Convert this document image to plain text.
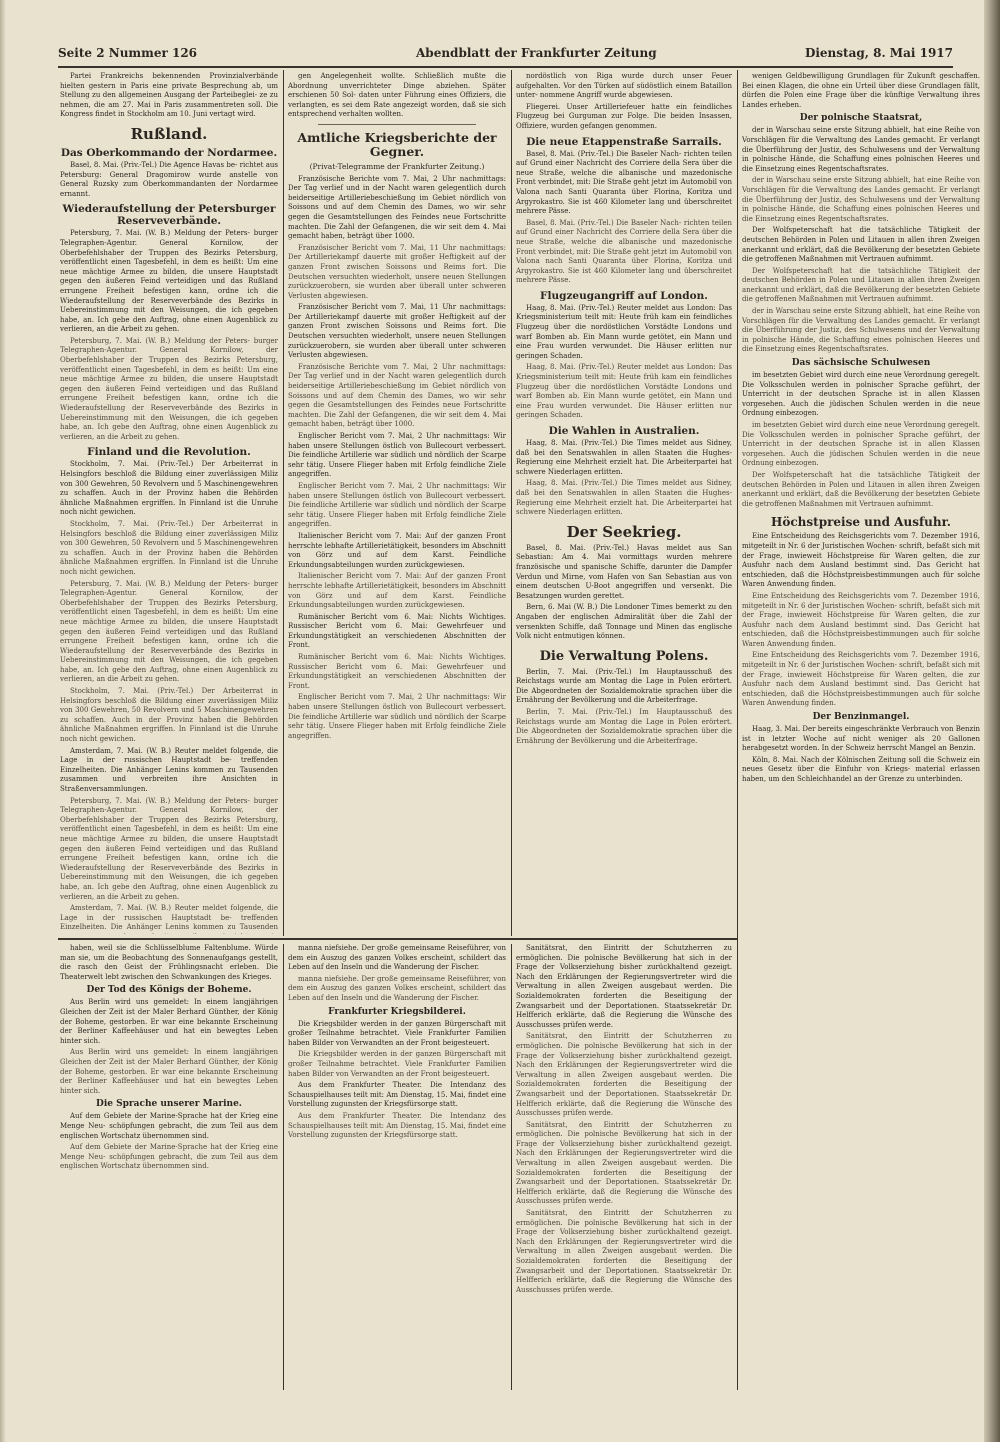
Seite 2 Nummer 126	Abendblatt der Frankfurter Zeitung	Dienstag, 8. Mai 1917

Partei Frankreichs bekennenden Provinzialverbände hielten gestern in Paris eine private Besprechung ab, um Stellung zu den allgemeinen Ausgang der Parteibeglei- ze zu nehmen, die am 27. Mai in Paris zusammentreten soll. Die Kongress findet in Stockholm am 10. Juni vertagt wird.

Rußland.
Das Oberkommando der Nordarmee.

Basel, 8. Mai. (Priv.-Tel.) Die Agence Havas be- richtet aus Petersburg: General Dragomirow wurde anstelle von General Ruzsky zum Oberkommandanten der Nordarmee ernannt.

Wiederaufstellung der Petersburger Reserveverbände.

Petersburg, 7. Mai. (W. B.) Meldung der Peters- burger Telegraphen-Agentur. General Kornilow, der Oberbefehlshaber der Truppen des Bezirks Petersburg, veröffentlicht einen Tagesbefehl, in dem es heißt: Um eine neue mächtige Armee zu bilden, die unsere Hauptstadt gegen den äußeren Feind verteidigen und das Rußland errungene Freiheit befestigen kann, ordne ich die Wiederaufstellung der Reserveverbände des Bezirks in Uebereinstimmung mit den Weisungen, die ich gegeben habe, an. Ich gebe den Auftrag, ohne einen Augenblick zu verlieren, an die Arbeit zu gehen.

Petersburg, 7. Mai. (W. B.) Meldung der Peters- burger Telegraphen-Agentur. General Kornilow, der Oberbefehlshaber der Truppen des Bezirks Petersburg, veröffentlicht einen Tagesbefehl, in dem es heißt: Um eine neue mächtige Armee zu bilden, die unsere Hauptstadt gegen den äußeren Feind verteidigen und das Rußland errungene Freiheit befestigen kann, ordne ich die Wiederaufstellung der Reserveverbände des Bezirks in Uebereinstimmung mit den Weisungen, die ich gegeben habe, an. Ich gebe den Auftrag, ohne einen Augenblick zu verlieren, an die Arbeit zu gehen.

Finland und die Revolution.

Stockholm, 7. Mai. (Priv.-Tel.) Der Arbeiterrat in Helsingfors beschloß die Bildung einer zuverlässigen Miliz von 300 Gewehren, 50 Revolvern und 5 Maschinengewehren zu schaffen. Auch in der Provinz haben die Behörden ähnliche Maßnahmen ergriffen. In Finnland ist die Unruhe noch nicht gewichen.

Stockholm, 7. Mai. (Priv.-Tel.) Der Arbeiterrat in Helsingfors beschloß die Bildung einer zuverlässigen Miliz von 300 Gewehren, 50 Revolvern und 5 Maschinengewehren zu schaffen. Auch in der Provinz haben die Behörden ähnliche Maßnahmen ergriffen. In Finnland ist die Unruhe noch nicht gewichen.

Petersburg, 7. Mai. (W. B.) Meldung der Peters- burger Telegraphen-Agentur. General Kornilow, der Oberbefehlshaber der Truppen des Bezirks Petersburg, veröffentlicht einen Tagesbefehl, in dem es heißt: Um eine neue mächtige Armee zu bilden, die unsere Hauptstadt gegen den äußeren Feind verteidigen und das Rußland errungene Freiheit befestigen kann, ordne ich die Wiederaufstellung der Reserveverbände des Bezirks in Uebereinstimmung mit den Weisungen, die ich gegeben habe, an. Ich gebe den Auftrag, ohne einen Augenblick zu verlieren, an die Arbeit zu gehen.

Stockholm, 7. Mai. (Priv.-Tel.) Der Arbeiterrat in Helsingfors beschloß die Bildung einer zuverlässigen Miliz von 300 Gewehren, 50 Revolvern und 5 Maschinengewehren zu schaffen. Auch in der Provinz haben die Behörden ähnliche Maßnahmen ergriffen. In Finnland ist die Unruhe noch nicht gewichen.

Amsterdam, 7. Mai. (W. B.) Reuter meldet folgende, die Lage in der russischen Hauptstadt be- treffenden Einzelheiten. Die Anhänger Lenins kommen zu Tausenden zusammen und verbreiten ihre Ansichten in Straßenversammlungen.

Petersburg, 7. Mai. (W. B.) Meldung der Peters- burger Telegraphen-Agentur. General Kornilow, der Oberbefehlshaber der Truppen des Bezirks Petersburg, veröffentlicht einen Tagesbefehl, in dem es heißt: Um eine neue mächtige Armee zu bilden, die unsere Hauptstadt gegen den äußeren Feind verteidigen und das Rußland errungene Freiheit befestigen kann, ordne ich die Wiederaufstellung der Reserveverbände des Bezirks in Uebereinstimmung mit den Weisungen, die ich gegeben habe, an. Ich gebe den Auftrag, ohne einen Augenblick zu verlieren, an die Arbeit zu gehen.

Amsterdam, 7. Mai. (W. B.) Reuter meldet folgende, die Lage in der russischen Hauptstadt be- treffenden Einzelheiten. Die Anhänger Lenins kommen zu Tausenden

gen Angelegenheit wollte. Schließlich mußte die Abordnung unverrichteter Dinge abziehen. Später erschienen 50 Sol- daten unter Führung eines Offiziers, die verlangten, es sei dem Rate angezeigt worden, daß sie sich entsprechend verhalten wollten.

Amtliche Kriegsberichte der Gegner.
(Privat-Telegramme der Frankfurter Zeitung.)

Französische Berichte vom 7. Mai, 2 Uhr nachmittags: Der Tag verlief und in der Nacht waren gelegentlich durch beiderseitige Artilleriebeschießung im Gebiet nördlich von Soissons und auf dem Chemin des Dames, wo wir sehr gegen die Gesamtstellungen des Feindes neue Fortschritte machten. Die Zahl der Gefangenen, die wir seit dem 4. Mai gemacht haben, beträgt über 1000.

Französischer Bericht vom 7. Mai, 11 Uhr nachmittags: Der Artilleriekampf dauerte mit großer Heftigkeit auf der ganzen Front zwischen Soissons und Reims fort. Die Deutschen versuchten wiederholt, unsere neuen Stellungen zurückzuerobern, sie wurden aber überall unter schweren Verlusten abgewiesen.

Französischer Bericht vom 7. Mai, 11 Uhr nachmittags: Der Artilleriekampf dauerte mit großer Heftigkeit auf der ganzen Front zwischen Soissons und Reims fort. Die Deutschen versuchten wiederholt, unsere neuen Stellungen zurückzuerobern, sie wurden aber überall unter schweren Verlusten abgewiesen.

Französische Berichte vom 7. Mai, 2 Uhr nachmittags: Der Tag verlief und in der Nacht waren gelegentlich durch beiderseitige Artilleriebeschießung im Gebiet nördlich von Soissons und auf dem Chemin des Dames, wo wir sehr gegen die Gesamtstellungen des Feindes neue Fortschritte machten. Die Zahl der Gefangenen, die wir seit dem 4. Mai gemacht haben, beträgt über 1000.

Englischer Bericht vom 7. Mai, 2 Uhr nachmittags: Wir haben unsere Stellungen östlich von Bullecourt verbessert. Die feindliche Artillerie war südlich und nördlich der Scarpe sehr tätig. Unsere Flieger haben mit Erfolg feindliche Ziele angegriffen.

Englischer Bericht vom 7. Mai, 2 Uhr nachmittags: Wir haben unsere Stellungen östlich von Bullecourt verbessert. Die feindliche Artillerie war südlich und nördlich der Scarpe sehr tätig. Unsere Flieger haben mit Erfolg feindliche Ziele angegriffen.

Italienischer Bericht vom 7. Mai: Auf der ganzen Front herrschte lebhafte Artillerietätigkeit, besonders im Abschnitt von Görz und auf dem Karst. Feindliche Erkundungsabteilungen wurden zurückgewiesen.

Italienischer Bericht vom 7. Mai: Auf der ganzen Front herrschte lebhafte Artillerietätigkeit, besonders im Abschnitt von Görz und auf dem Karst. Feindliche Erkundungsabteilungen wurden zurückgewiesen.

Rumänischer Bericht vom 6. Mai: Nichts Wichtiges. Russischer Bericht vom 6. Mai: Gewehrfeuer und Erkundungstätigkeit an verschiedenen Abschnitten der Front.

Rumänischer Bericht vom 6. Mai: Nichts Wichtiges. Russischer Bericht vom 6. Mai: Gewehrfeuer und Erkundungstätigkeit an verschiedenen Abschnitten der Front.

Englischer Bericht vom 7. Mai, 2 Uhr nachmittags: Wir haben unsere Stellungen östlich von Bullecourt verbessert. Die feindliche Artillerie war südlich und nördlich der Scarpe sehr tätig. Unsere Flieger haben mit Erfolg feindliche Ziele angegriffen.

nordöstlich von Riga wurde durch unser Feuer aufgehalten. Vor den Türken auf südöstlich einem Bataillon unter- nommene Angriff wurde abgewiesen.

Fliegerei. Unser Artilleriefeuer hatte ein feindliches Flugzeug bei Gurguman zur Folge. Die beiden Insassen, Offiziere, wurden gefangen genommen.

Die neue Etappenstraße Sarrails.

Basel, 8. Mai. (Priv.-Tel.) Die Baseler Nach- richten teilen auf Grund einer Nachricht des Corriere della Sera über die neue Straße, welche die albanische und mazedonische Front verbindet, mit: Die Straße geht jetzt im Automobil von Valona nach Santi Quaranta über Florina, Koritza und Argyrokastro. Sie ist 460 Kilometer lang und überschreitet mehrere Pässe.

Basel, 8. Mai. (Priv.-Tel.) Die Baseler Nach- richten teilen auf Grund einer Nachricht des Corriere della Sera über die neue Straße, welche die albanische und mazedonische Front verbindet, mit: Die Straße geht jetzt im Automobil von Valona nach Santi Quaranta über Florina, Koritza und Argyrokastro. Sie ist 460 Kilometer lang und überschreitet mehrere Pässe.

Flugzeugangriff auf London.

Haag, 8. Mai. (Priv.-Tel.) Reuter meldet aus London: Das Kriegsministerium teilt mit: Heute früh kam ein feindliches Flugzeug über die nordöstlichen Vorstädte Londons und warf Bomben ab. Ein Mann wurde getötet, ein Mann und eine Frau wurden verwundet. Die Häuser erlitten nur geringen Schaden.

Haag, 8. Mai. (Priv.-Tel.) Reuter meldet aus London: Das Kriegsministerium teilt mit: Heute früh kam ein feindliches Flugzeug über die nordöstlichen Vorstädte Londons und warf Bomben ab. Ein Mann wurde getötet, ein Mann und eine Frau wurden verwundet. Die Häuser erlitten nur geringen Schaden.

Die Wahlen in Australien.

Haag, 8. Mai. (Priv.-Tel.) Die Times meldet aus Sidney, daß bei den Senatswahlen in allen Staaten die Hughes-Regierung eine Mehrheit erzielt hat. Die Arbeiterpartei hat schwere Niederlagen erlitten.

Haag, 8. Mai. (Priv.-Tel.) Die Times meldet aus Sidney, daß bei den Senatswahlen in allen Staaten die Hughes-Regierung eine Mehrheit erzielt hat. Die Arbeiterpartei hat schwere Niederlagen erlitten.

Der Seekrieg.

Basel, 8. Mai. (Priv.-Tel.) Havas meldet aus San Sebastian: Am 4. Mai vormittags wurden mehrere französische und spanische Schiffe, darunter die Dampfer Verdun und Mirne, vom Hafen von San Sebastian aus von einem deutschen U-Boot angegriffen und versenkt. Die Besatzungen wurden gerettet.

Bern, 6. Mai (W. B.) Die Londoner Times bemerkt zu den Angaben der englischen Admiralität über die Zahl der versenkten Schiffe, daß Tonnage und Minen das englische Volk nicht entmutigen können.

Die Verwaltung Polens.

Berlin, 7. Mai. (Priv.-Tel.) Im Hauptausschuß des Reichstags wurde am Montag die Lage in Polen erörtert. Die Abgeordneten der Sozialdemokratie sprachen über die Ernährung der Bevölkerung und die Arbeiterfrage.

Berlin, 7. Mai. (Priv.-Tel.) Im Hauptausschuß des Reichstags wurde am Montag die Lage in Polen erörtert. Die Abgeordneten der Sozialdemokratie sprachen über die Ernährung der Bevölkerung und die Arbeiterfrage.

wenigen Geldbewilligung Grundlagen für Zukunft geschaffen. Bei einen Klagen, die ohne ein Urteil über diese Grundlagen fällt, dürfen die Polen eine Frage über die künftige Verwaltung ihres Landes erheben.

Der polnische Staatsrat,

der in Warschau seine erste Sitzung abhielt, hat eine Reihe von Vorschlägen für die Verwaltung des Landes gemacht. Er verlangt die Überführung der Justiz, des Schulwesens und der Verwaltung in polnische Hände, die Schaffung eines polnischen Heeres und die Einsetzung eines Regentschaftsrates.

der in Warschau seine erste Sitzung abhielt, hat eine Reihe von Vorschlägen für die Verwaltung des Landes gemacht. Er verlangt die Überführung der Justiz, des Schulwesens und der Verwaltung in polnische Hände, die Schaffung eines polnischen Heeres und die Einsetzung eines Regentschaftsrates.

Der Wolfspeterschaft hat die tatsächliche Tätigkeit der deutschen Behörden in Polen und Litauen in allen ihren Zweigen anerkannt und erklärt, daß die Bevölkerung der besetzten Gebiete die getroffenen Maßnahmen mit Vertrauen aufnimmt.

Der Wolfspeterschaft hat die tatsächliche Tätigkeit der deutschen Behörden in Polen und Litauen in allen ihren Zweigen anerkannt und erklärt, daß die Bevölkerung der besetzten Gebiete die getroffenen Maßnahmen mit Vertrauen aufnimmt.

der in Warschau seine erste Sitzung abhielt, hat eine Reihe von Vorschlägen für die Verwaltung des Landes gemacht. Er verlangt die Überführung der Justiz, des Schulwesens und der Verwaltung in polnische Hände, die Schaffung eines polnischen Heeres und die Einsetzung eines Regentschaftsrates.

Das sächsische Schulwesen

im besetzten Gebiet wird durch eine neue Verordnung geregelt. Die Volksschulen werden in polnischer Sprache geführt, der Unterricht in der deutschen Sprache ist in allen Klassen vorgesehen. Auch die jüdischen Schulen werden in die neue Ordnung einbezogen.

im besetzten Gebiet wird durch eine neue Verordnung geregelt. Die Volksschulen werden in polnischer Sprache geführt, der Unterricht in der deutschen Sprache ist in allen Klassen vorgesehen. Auch die jüdischen Schulen werden in die neue Ordnung einbezogen.

Der Wolfspeterschaft hat die tatsächliche Tätigkeit der deutschen Behörden in Polen und Litauen in allen ihren Zweigen anerkannt und erklärt, daß die Bevölkerung der besetzten Gebiete die getroffenen Maßnahmen mit Vertrauen aufnimmt.

Höchstpreise und Ausfuhr.

Eine Entscheidung des Reichsgerichts vom 7. Dezember 1916, mitgeteilt in Nr. 6 der Juristischen Wochen- schrift, befaßt sich mit der Frage, inwieweit Höchstpreise für Waren gelten, die zur Ausfuhr nach dem Ausland bestimmt sind. Das Gericht hat entschieden, daß die Höchstpreisbestimmungen auch für solche Waren Anwendung finden.

Eine Entscheidung des Reichsgerichts vom 7. Dezember 1916, mitgeteilt in Nr. 6 der Juristischen Wochen- schrift, befaßt sich mit der Frage, inwieweit Höchstpreise für Waren gelten, die zur Ausfuhr nach dem Ausland bestimmt sind. Das Gericht hat entschieden, daß die Höchstpreisbestimmungen auch für solche Waren Anwendung finden.

Eine Entscheidung des Reichsgerichts vom 7. Dezember 1916, mitgeteilt in Nr. 6 der Juristischen Wochen- schrift, befaßt sich mit der Frage, inwieweit Höchstpreise für Waren gelten, die zur Ausfuhr nach dem Ausland bestimmt sind. Das Gericht hat entschieden, daß die Höchstpreisbestimmungen auch für solche Waren Anwendung finden.

Der Benzinmangel.

Haag, 3. Mai. Der bereits eingeschränkte Verbrauch von Benzin ist in letzter Woche auf nicht weniger als 20 Gallonen herabgesetzt worden. In der Schweiz herrscht Mangel an Benzin.

Köln, 8. Mai. Nach der Kölnischen Zeitung soll die Schweiz ein neues Gesetz über die Einfuhr von Kriegs- material erlassen haben, um den Schleichhandel an der Grenze zu unterbinden.

haben, weil sie die Schlüsselblume Faltenblume. Würde man sie, um die Beobachtung des Sonnenaufgangs gestellt, die rasch den Geist der Frühlingsnacht erleben. Die Theaterwelt lebt zwischen den Schwankungen des Krieges.

Der Tod des Königs der Boheme.

Aus Berlin wird uns gemeldet: In einem langjährigen Gleichen der Zeit ist der Maler Berhard Günther, der König der Boheme, gestorben. Er war eine bekannte Erscheinung der Berliner Kaffeehäuser und hat ein bewegtes Leben hinter sich.

Aus Berlin wird uns gemeldet: In einem langjährigen Gleichen der Zeit ist der Maler Berhard Günther, der König der Boheme, gestorben. Er war eine bekannte Erscheinung der Berliner Kaffeehäuser und hat ein bewegtes Leben hinter sich.

Die Sprache unserer Marine.

Auf dem Gebiete der Marine-Sprache hat der Krieg eine Menge Neu- schöpfungen gebracht, die zum Teil aus dem englischen Wortschatz übernommen sind.

Auf dem Gebiete der Marine-Sprache hat der Krieg eine Menge Neu- schöpfungen gebracht, die zum Teil aus dem englischen Wortschatz übernommen sind.

manna niefsiehe. Der große gemeinsame Reiseführer, von dem ein Auszug des ganzen Volkes erscheint, schildert das Leben auf den Inseln und die Wanderung der Fischer.

manna niefsiehe. Der große gemeinsame Reiseführer, von dem ein Auszug des ganzen Volkes erscheint, schildert das Leben auf den Inseln und die Wanderung der Fischer.

Frankfurter Kriegsbilderei.

Die Kriegsbilder werden in der ganzen Bürgerschaft mit großer Teilnahme betrachtet. Viele Frankfurter Familien haben Bilder von Verwandten an der Front beigesteuert.

Die Kriegsbilder werden in der ganzen Bürgerschaft mit großer Teilnahme betrachtet. Viele Frankfurter Familien haben Bilder von Verwandten an der Front beigesteuert.

Aus dem Frankfurter Theater. Die Intendanz des Schauspielhauses teilt mit: Am Dienstag, 15. Mai, findet eine Vorstellung zugunsten der Kriegsfürsorge statt.

Aus dem Frankfurter Theater. Die Intendanz des Schauspielhauses teilt mit: Am Dienstag, 15. Mai, findet eine Vorstellung zugunsten der Kriegsfürsorge statt.

Sanitätsrat, den Eintritt der Schutzherren zu ermöglichen. Die polnische Bevölkerung hat sich in der Frage der Volkserziehung bisher zurückhaltend gezeigt. Nach den Erklärungen der Regierungsvertreter wird die Verwaltung in allen Zweigen ausgebaut werden. Die Sozialdemokraten forderten die Beseitigung der Zwangsarbeit und der Deportationen. Staatssekretär Dr. Helfferich erklärte, daß die Regierung die Wünsche des Ausschusses prüfen werde.

Sanitätsrat, den Eintritt der Schutzherren zu ermöglichen. Die polnische Bevölkerung hat sich in der Frage der Volkserziehung bisher zurückhaltend gezeigt. Nach den Erklärungen der Regierungsvertreter wird die Verwaltung in allen Zweigen ausgebaut werden. Die Sozialdemokraten forderten die Beseitigung der Zwangsarbeit und der Deportationen. Staatssekretär Dr. Helfferich erklärte, daß die Regierung die Wünsche des Ausschusses prüfen werde.

Sanitätsrat, den Eintritt der Schutzherren zu ermöglichen. Die polnische Bevölkerung hat sich in der Frage der Volkserziehung bisher zurückhaltend gezeigt. Nach den Erklärungen der Regierungsvertreter wird die Verwaltung in allen Zweigen ausgebaut werden. Die Sozialdemokraten forderten die Beseitigung der Zwangsarbeit und der Deportationen. Staatssekretär Dr. Helfferich erklärte, daß die Regierung die Wünsche des Ausschusses prüfen werde.

Sanitätsrat, den Eintritt der Schutzherren zu ermöglichen. Die polnische Bevölkerung hat sich in der Frage der Volkserziehung bisher zurückhaltend gezeigt. Nach den Erklärungen der Regierungsvertreter wird die Verwaltung in allen Zweigen ausgebaut werden. Die Sozialdemokraten forderten die Beseitigung der Zwangsarbeit und der Deportationen. Staatssekretär Dr. Helfferich erklärte, daß die Regierung die Wünsche des Ausschusses prüfen werde.
